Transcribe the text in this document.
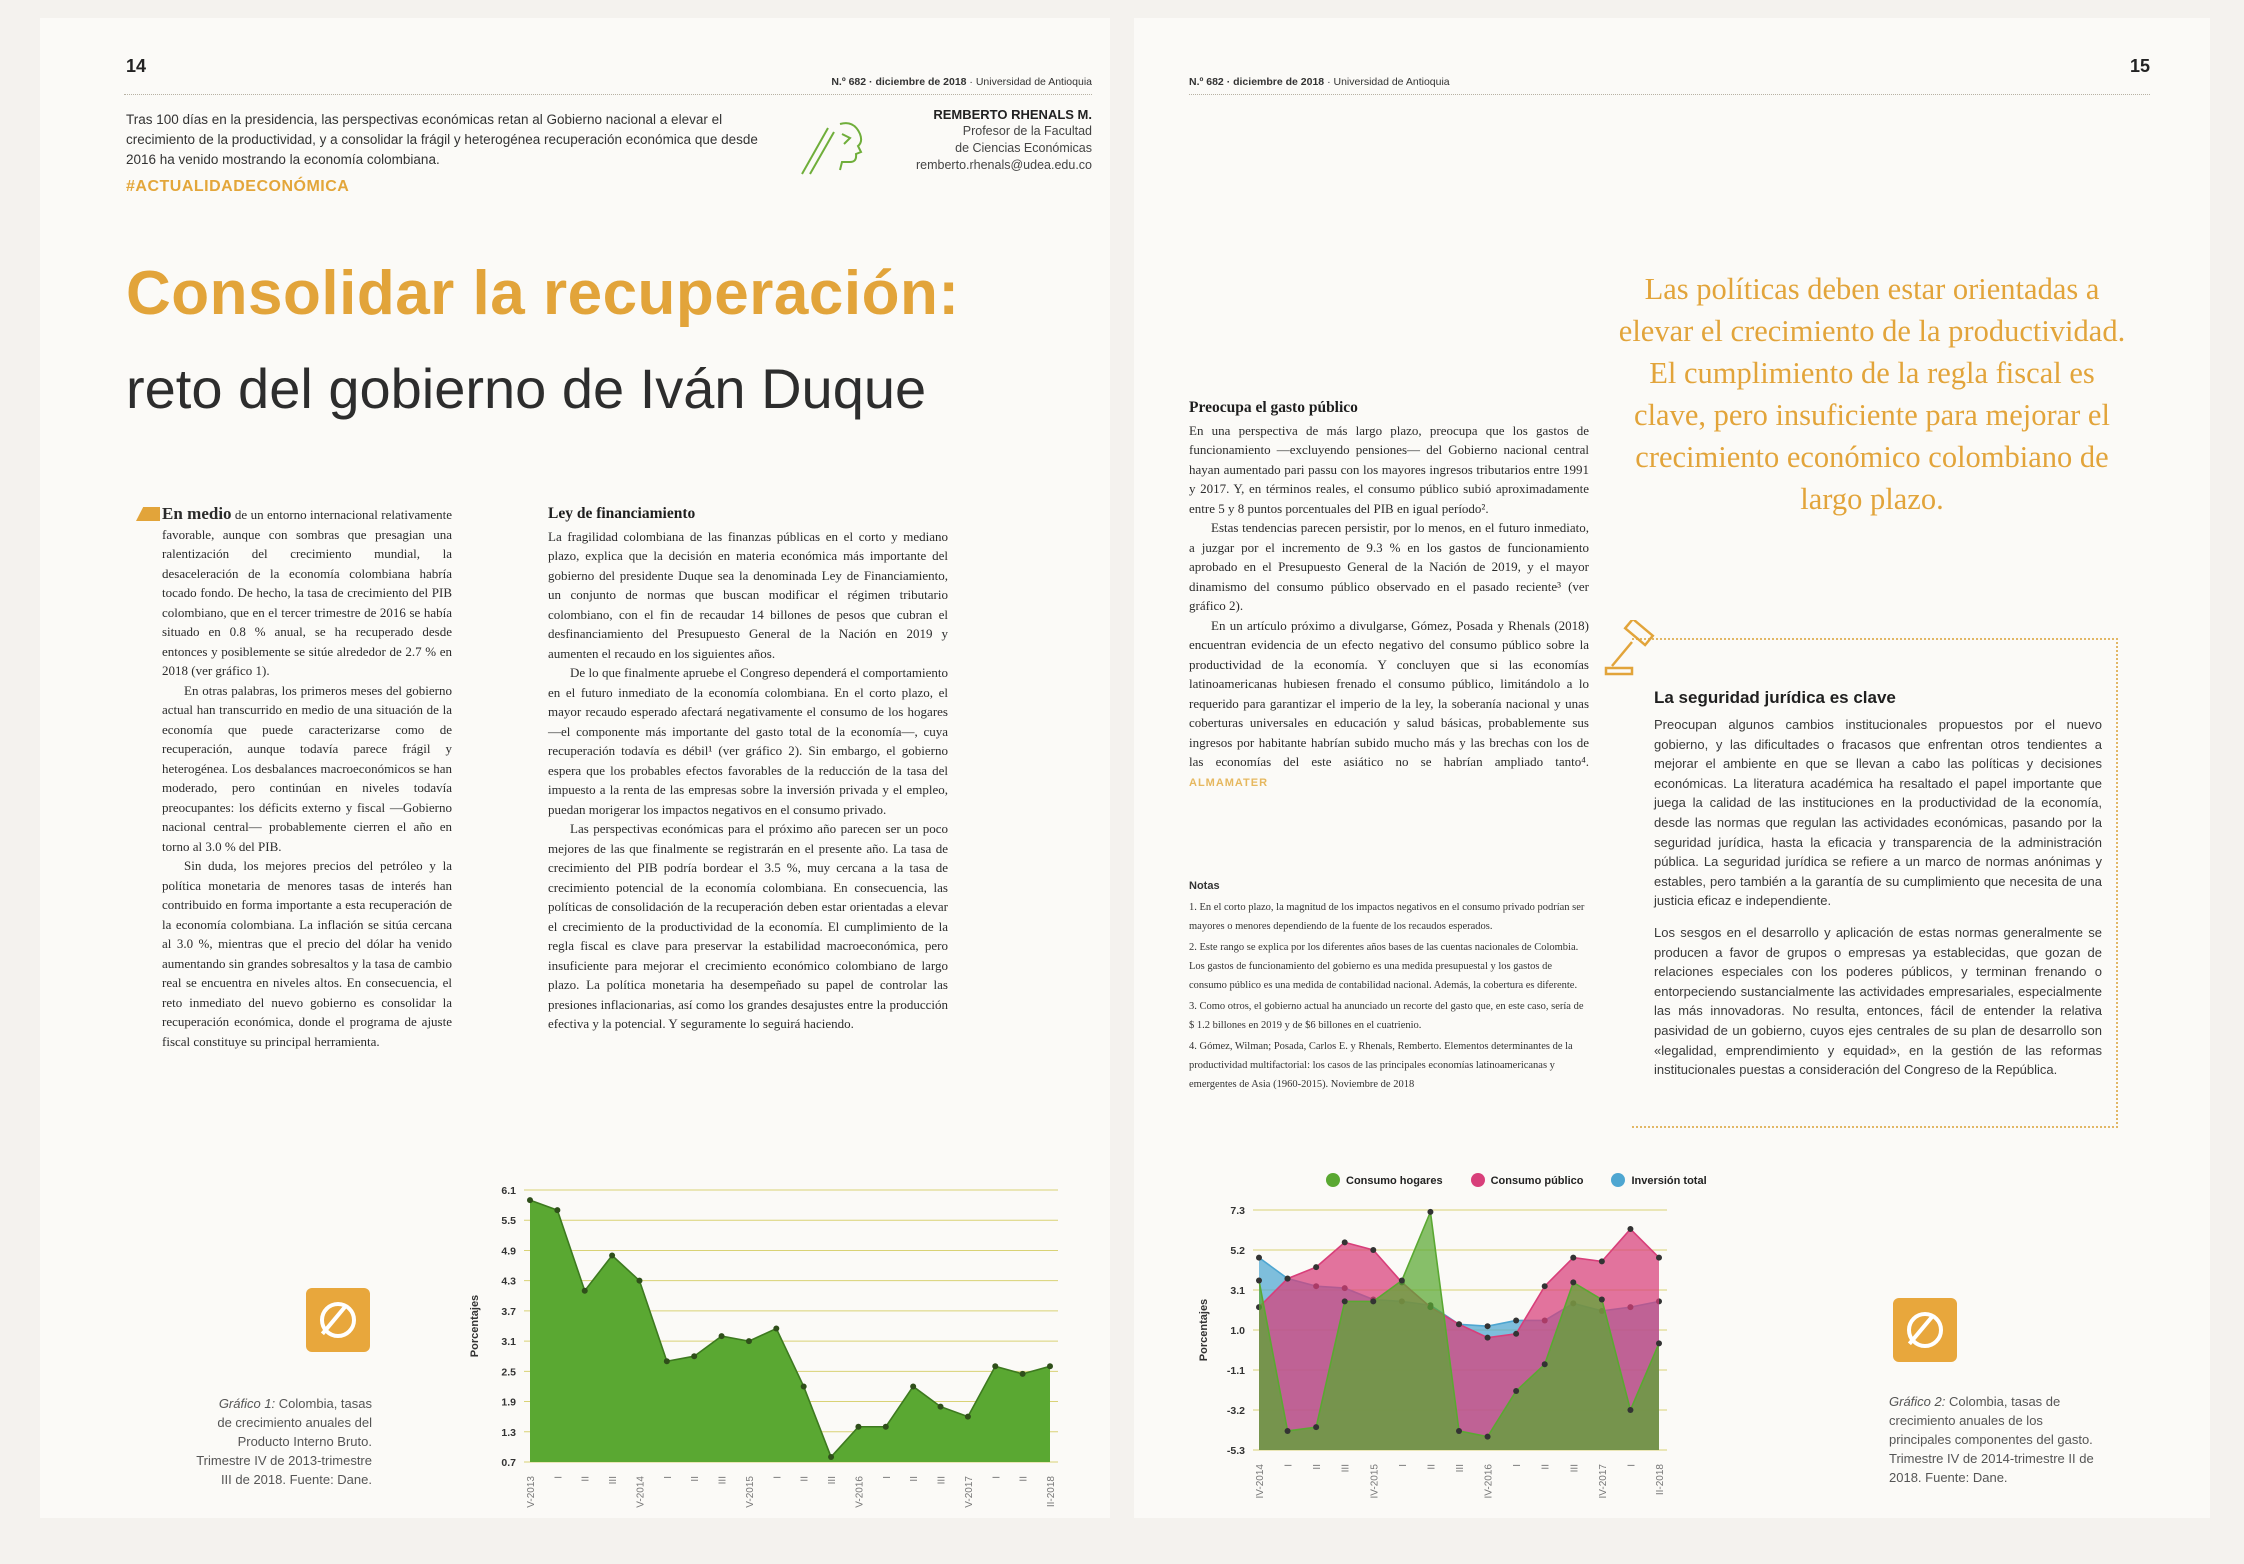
14
N.º 682 · diciembre de 2018 · Universidad de Antioquia
Tras 100 días en la presidencia, las perspectivas económicas retan al Gobierno nacional a elevar el crecimiento de la productividad, y a consolidar la frágil y heterogénea recuperación económica que desde 2016 ha venido mostrando la economía colombiana.
REMBERTO RHENALS M.
Profesor de la Facultad
de Ciencias Económicas
remberto.rhenals@udea.edu.co
#ACTUALIDADECONÓMICA
Consolidar la recuperación:
reto del gobierno de Iván Duque

En medio de un entorno internacional relativamente favorable, aunque con sombras que presagian una ralentización del crecimiento mundial, la desaceleración de la economía colombiana habría tocado fondo. De hecho, la tasa de crecimiento del PIB colombiano, que en el tercer trimestre de 2016 se había situado en 0.8 % anual, se ha recuperado desde entonces y posiblemente se sitúe alrededor de 2.7 % en 2018 (ver gráfico 1).

En otras palabras, los primeros meses del gobierno actual han transcurrido en medio de una situación de la economía que puede caracterizarse como de recuperación, aunque todavía parece frágil y heterogénea. Los desbalances macroeconómicos se han moderado, pero continúan en niveles todavía preocupantes: los déficits externo y fiscal —Gobierno nacional central— probablemente cierren el año en torno al 3.0 % del PIB.

Sin duda, los mejores precios del petróleo y la política monetaria de menores tasas de interés han contribuido en forma importante a esta recuperación de la economía colombiana. La inflación se sitúa cercana al 3.0 %, mientras que el precio del dólar ha venido aumentando sin grandes sobresaltos y la tasa de cambio real se encuentra en niveles altos. En consecuencia, el reto inmediato del nuevo gobierno es consolidar la recuperación económica, donde el programa de ajuste fiscal constituye su principal herramienta.

Ley de financiamiento

La fragilidad colombiana de las finanzas públicas en el corto y mediano plazo, explica que la decisión en materia económica más importante del gobierno del presidente Duque sea la denominada Ley de Financiamiento, un conjunto de normas que buscan modificar el régimen tributario colombiano, con el fin de recaudar 14 billones de pesos que cubran el desfinanciamiento del Presupuesto General de la Nación en 2019 y aumenten el recaudo en los siguientes años.

De lo que finalmente apruebe el Congreso dependerá el comportamiento en el futuro inmediato de la economía colombiana. En el corto plazo, el mayor recaudo esperado afectará negativamente el consumo de los hogares —el componente más importante del gasto total de la economía—, cuya recuperación todavía es débil¹ (ver gráfico 2). Sin embargo, el gobierno espera que los probables efectos favorables de la reducción de la tasa del impuesto a la renta de las empresas sobre la inversión privada y el empleo, puedan morigerar los impactos negativos en el consumo privado.

Las perspectivas económicas para el próximo año parecen ser un poco mejores de las que finalmente se registrarán en el presente año. La tasa de crecimiento del PIB podría bordear el 3.5 %, muy cercana a la tasa de crecimiento potencial de la economía colombiana. En consecuencia, las políticas de consolidación de la recuperación deben estar orientadas a elevar el crecimiento de la productividad de la economía. El cumplimiento de la regla fiscal es clave para preservar la estabilidad macroeconómica, pero insuficiente para mejorar el crecimiento económico colombiano de largo plazo. La política monetaria ha desempeñado su papel de controlar las presiones inflacionarias, así como los grandes desajustes entre la producción efectiva y la potencial. Y seguramente lo seguirá haciendo.

Gráfico 1: Colombia, tasas
de crecimiento anuales del
Producto Interno Bruto.
Trimestre IV de 2013-trimestre
III de 2018. Fuente: Dane.
0.7
1.3
1.9
2.5
3.1
3.7
4.3
4.9
5.5
6.1
IV-2013 I II III IV-2014 I II III IV-2015 I II III IV-2016 I II III IV-2017 I II III-2018
Porcentajes
15
N.º 682 · diciembre de 2018 · Universidad de Antioquia
Preocupa el gasto público

En una perspectiva de más largo plazo, preocupa que los gastos de funcionamiento —excluyendo pensiones— del Gobierno nacional central hayan aumentado pari passu con los mayores ingresos tributarios entre 1991 y 2017. Y, en términos reales, el consumo público subió aproximadamente entre 5 y 8 puntos porcentuales del PIB en igual período².

Estas tendencias parecen persistir, por lo menos, en el futuro inmediato, a juzgar por el incremento de 9.3 % en los gastos de funcionamiento aprobado en el Presupuesto General de la Nación de 2019, y el mayor dinamismo del consumo público observado en el pasado reciente³ (ver gráfico 2).

En un artículo próximo a divulgarse, Gómez, Posada y Rhenals (2018) encuentran evidencia de un efecto negativo del consumo público sobre la productividad de la economía. Y concluyen que si las economías latinoamericanas hubiesen frenado el consumo público, limitándolo a lo requerido para garantizar el imperio de la ley, la soberanía nacional y unas coberturas universales en educación y salud básicas, probablemente sus ingresos por habitante habrían subido mucho más y las brechas con los de las economías del este asiático no se habrían ampliado tanto⁴. ALMAMATER

Notas
1. En el corto plazo, la magnitud de los impactos negativos en el consumo privado podrían ser mayores o menores dependiendo de la fuente de los recaudos esperados.
2. Este rango se explica por los diferentes años bases de las cuentas nacionales de Colombia. Los gastos de funcionamiento del gobierno es una medida presupuestal y los gastos de consumo público es una medida de contabilidad nacional. Además, la cobertura es diferente.
3. Como otros, el gobierno actual ha anunciado un recorte del gasto que, en este caso, sería de $ 1.2 billones en 2019 y de $6 billones en el cuatrienio.
4. Gómez, Wilman; Posada, Carlos E. y Rhenals, Remberto. Elementos determinantes de la productividad multifactorial: los casos de las principales economías latinoamericanas y emergentes de Asia (1960-2015). Noviembre de 2018
Las políticas deben estar orientadas a elevar el crecimiento de la productividad. El cumplimiento de la regla fiscal es clave, pero insuficiente para mejorar el crecimiento económico colombiano de largo plazo.
La seguridad jurídica es clave

Preocupan algunos cambios institucionales propuestos por el nuevo gobierno, y las dificultades o fracasos que enfrentan otros tendientes a mejorar el ambiente en que se llevan a cabo las políticas y decisiones económicas. La literatura académica ha resaltado el papel importante que juega la calidad de las instituciones en la productividad de la economía, desde las normas que regulan las actividades económicas, pasando por la seguridad jurídica, hasta la eficacia y transparencia de la administración pública. La seguridad jurídica se refiere a un marco de normas anónimas y estables, pero también a la garantía de su cumplimiento que necesita de una justicia eficaz e independiente.

Los sesgos en el desarrollo y aplicación de estas normas generalmente se producen a favor de grupos o empresas ya establecidas, que gozan de relaciones especiales con los poderes públicos, y terminan frenando o entorpeciendo sustancialmente las actividades empresariales, especialmente las más innovadoras. No resulta, entonces, fácil de entender la relativa pasividad de un gobierno, cuyos ejes centrales de su plan de desarrollo son «legalidad, emprendimiento y equidad», en la gestión de las reformas institucionales puestas a consideración del Congreso de la República.

Consumo hogares	Consumo público	Inversión total
-5.3
-3.2
-1.1
1.0
3.1
5.2
7.3
IV-2014 I II III IV-2015 I II III IV-2016 I II III IV-2017 I II-2018
Porcentajes
Gráfico 2: Colombia, tasas de
crecimiento anuales de los
principales componentes del gasto.
Trimestre IV de 2014-trimestre II de
2018. Fuente: Dane.
